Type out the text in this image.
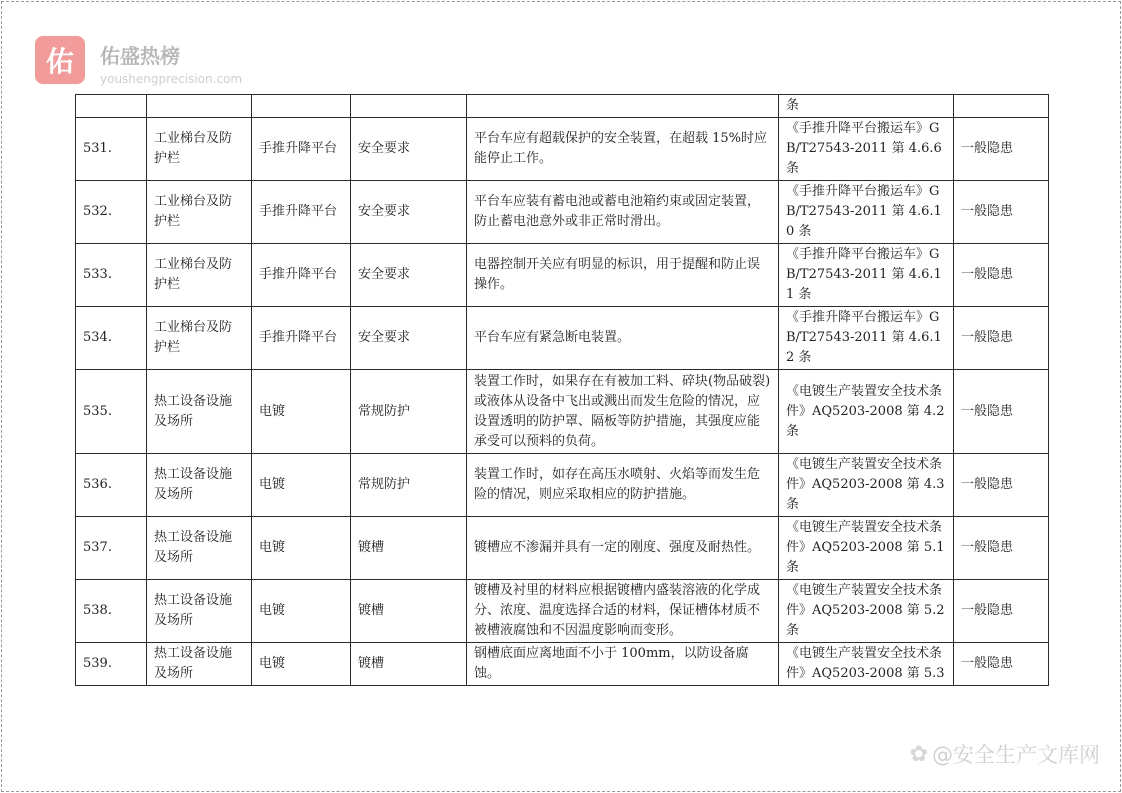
佑 佑盛热榜
youshengprecision.com
					条	
531.	工业梯台及防护栏	手推升降平台	安全要求	平台车应有超载保护的安全装置，在超载 15%时应能停止工作。	《手推升降平台搬运车》GB/T27543-2011 第 4.6.6 条	一般隐患
532.	工业梯台及防护栏	手推升降平台	安全要求	平台车应装有蓄电池或蓄电池箱约束或固定装置，防止蓄电池意外或非正常时滑出。	《手推升降平台搬运车》GB/T27543-2011 第 4.6.10 条	一般隐患
533.	工业梯台及防护栏	手推升降平台	安全要求	电器控制开关应有明显的标识，用于提醒和防止误操作。	《手推升降平台搬运车》GB/T27543-2011 第 4.6.11 条	一般隐患
534.	工业梯台及防护栏	手推升降平台	安全要求	平台车应有紧急断电装置。	《手推升降平台搬运车》GB/T27543-2011 第 4.6.12 条	一般隐患
535.	热工设备设施及场所	电镀	常规防护	装置工作时，如果存在有被加工料、碎块(物品破裂)或液体从设备中飞出或溅出而发生危险的情况，应设置透明的防护罩、隔板等防护措施，其强度应能承受可以预料的负荷。	《电镀生产装置安全技术条件》AQ5203-2008 第 4.2 条	一般隐患
536.	热工设备设施及场所	电镀	常规防护	装置工作时，如存在高压水喷射、火焰等而发生危险的情况，则应采取相应的防护措施。	《电镀生产装置安全技术条件》AQ5203-2008 第 4.3 条	一般隐患
537.	热工设备设施及场所	电镀	镀槽	镀槽应不渗漏并具有一定的刚度、强度及耐热性。	《电镀生产装置安全技术条件》AQ5203-2008 第 5.1 条	一般隐患
538.	热工设备设施及场所	电镀	镀槽	镀槽及衬里的材料应根据镀槽内盛装溶液的化学成分、浓度、温度选择合适的材料，保证槽体材质不被槽液腐蚀和不因温度影响而变形。	《电镀生产装置安全技术条件》AQ5203-2008 第 5.2 条	一般隐患
539.	热工设备设施及场所	电镀	镀槽	钢槽底面应离地面不小于 100mm，以防设备腐蚀。	《电镀生产装置安全技术条件》AQ5203-2008 第 5.3	一般隐患
✿ @安全生产文库网
